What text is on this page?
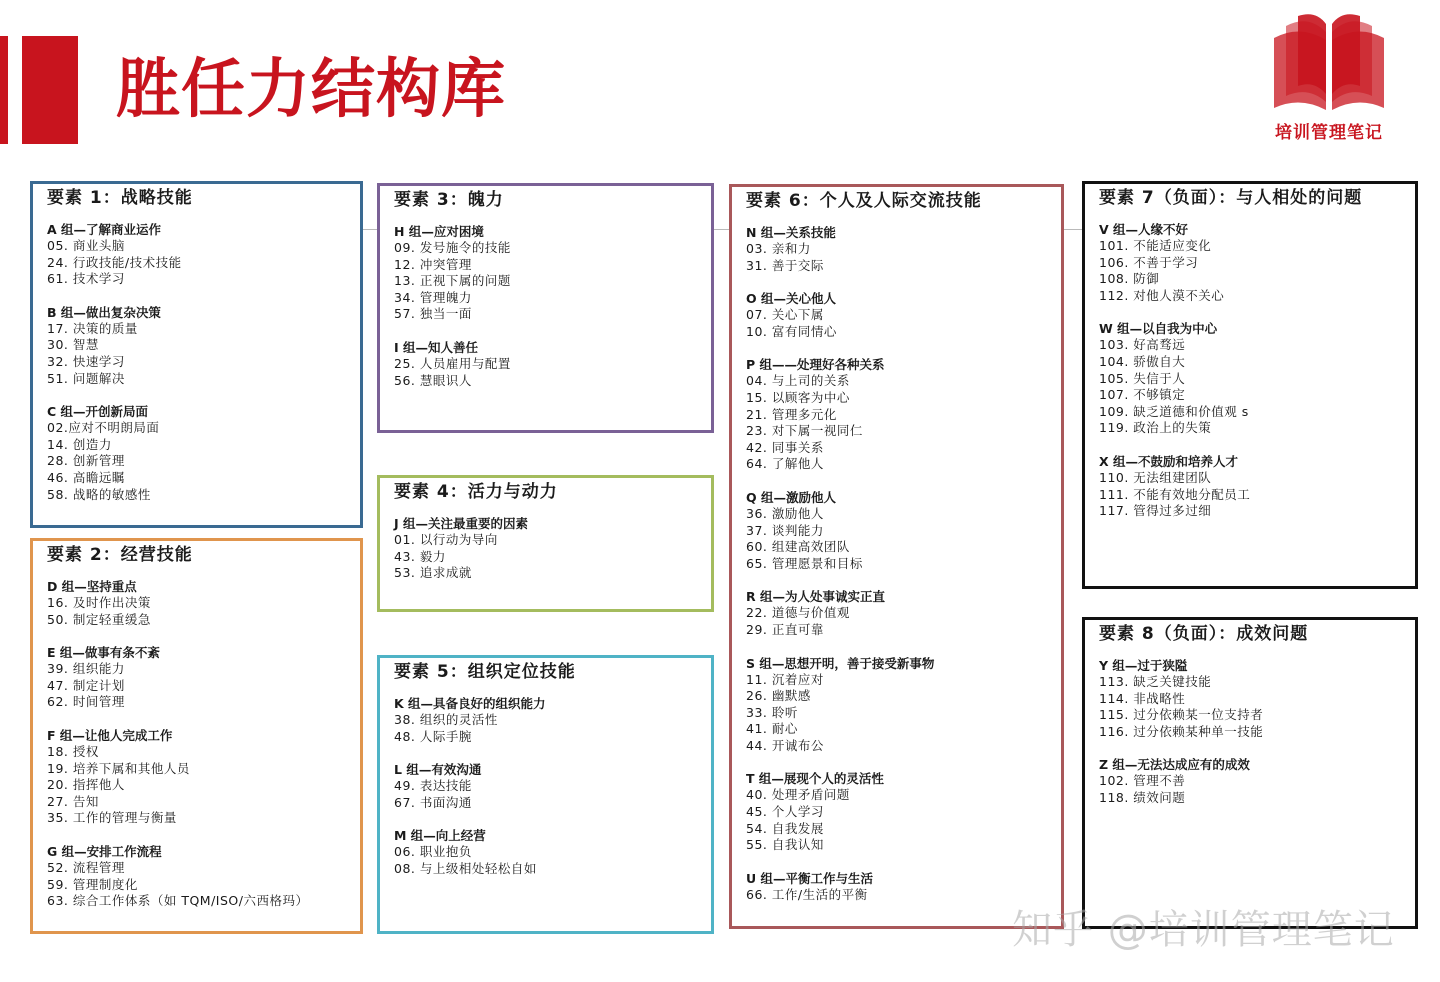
胜任力结构库
培训管理笔记
要素 1：战略技能
A 组—了解商业运作
05. 商业头脑
24. 行政技能/技术技能
61. 技术学习
B 组—做出复杂决策
17. 决策的质量
30. 智慧
32. 快速学习
51. 问题解决
C 组—开创新局面
02.应对不明朗局面
14. 创造力
28. 创新管理
46. 高瞻远瞩
58. 战略的敏感性
要素 2：经营技能
D 组—坚持重点
16. 及时作出决策
50. 制定轻重缓急
E 组—做事有条不紊
39. 组织能力
47. 制定计划
62. 时间管理
F 组—让他人完成工作
18. 授权
19. 培养下属和其他人员
20. 指挥他人
27. 告知
35. 工作的管理与衡量
G 组—安排工作流程
52. 流程管理
59. 管理制度化
63. 综合工作体系（如 TQM/ISO/六西格玛）
要素 3：魄力
H 组—应对困境
09. 发号施令的技能
12. 冲突管理
13. 正视下属的问题
34. 管理魄力
57. 独当一面
I 组—知人善任
25. 人员雇用与配置
56. 慧眼识人
要素 4：活力与动力
J 组—关注最重要的因素
01. 以行动为导向
43. 毅力
53. 追求成就
要素 5：组织定位技能
K 组—具备良好的组织能力
38. 组织的灵活性
48. 人际手腕
L 组—有效沟通
49. 表达技能
67. 书面沟通
M 组—向上经营
06. 职业抱负
08. 与上级相处轻松自如
要素 6：个人及人际交流技能
N 组—关系技能
03. 亲和力
31. 善于交际
O 组—关心他人
07. 关心下属
10. 富有同情心
P 组——处理好各种关系
04. 与上司的关系
15. 以顾客为中心
21. 管理多元化
23. 对下属一视同仁
42. 同事关系
64. 了解他人
Q 组—激励他人
36. 激励他人
37. 谈判能力
60. 组建高效团队
65. 管理愿景和目标
R 组—为人处事诚实正直
22. 道德与价值观
29. 正直可靠
S 组—思想开明，善于接受新事物
11. 沉着应对
26. 幽默感
33. 聆听
41. 耐心
44. 开诚布公
T 组—展现个人的灵活性
40. 处理矛盾问题
45. 个人学习
54. 自我发展
55. 自我认知
U 组—平衡工作与生活
66. 工作/生活的平衡
要素 7（负面）：与人相处的问题
V 组—人缘不好
101. 不能适应变化
106. 不善于学习
108. 防御
112. 对他人漠不关心
W 组—以自我为中心
103. 好高骛远
104. 骄傲自大
105. 失信于人
107. 不够镇定
109. 缺乏道德和价值观 s
119. 政治上的失策
X 组—不鼓励和培养人才
110. 无法组建团队
111. 不能有效地分配员工
117. 管得过多过细
要素 8（负面）：成效问题
Y 组—过于狭隘
113. 缺乏关键技能
114. 非战略性
115. 过分依赖某一位支持者
116. 过分依赖某种单一技能
Z 组—无法达成应有的成效
102. 管理不善
118. 绩效问题
知乎 @培训管理笔记
